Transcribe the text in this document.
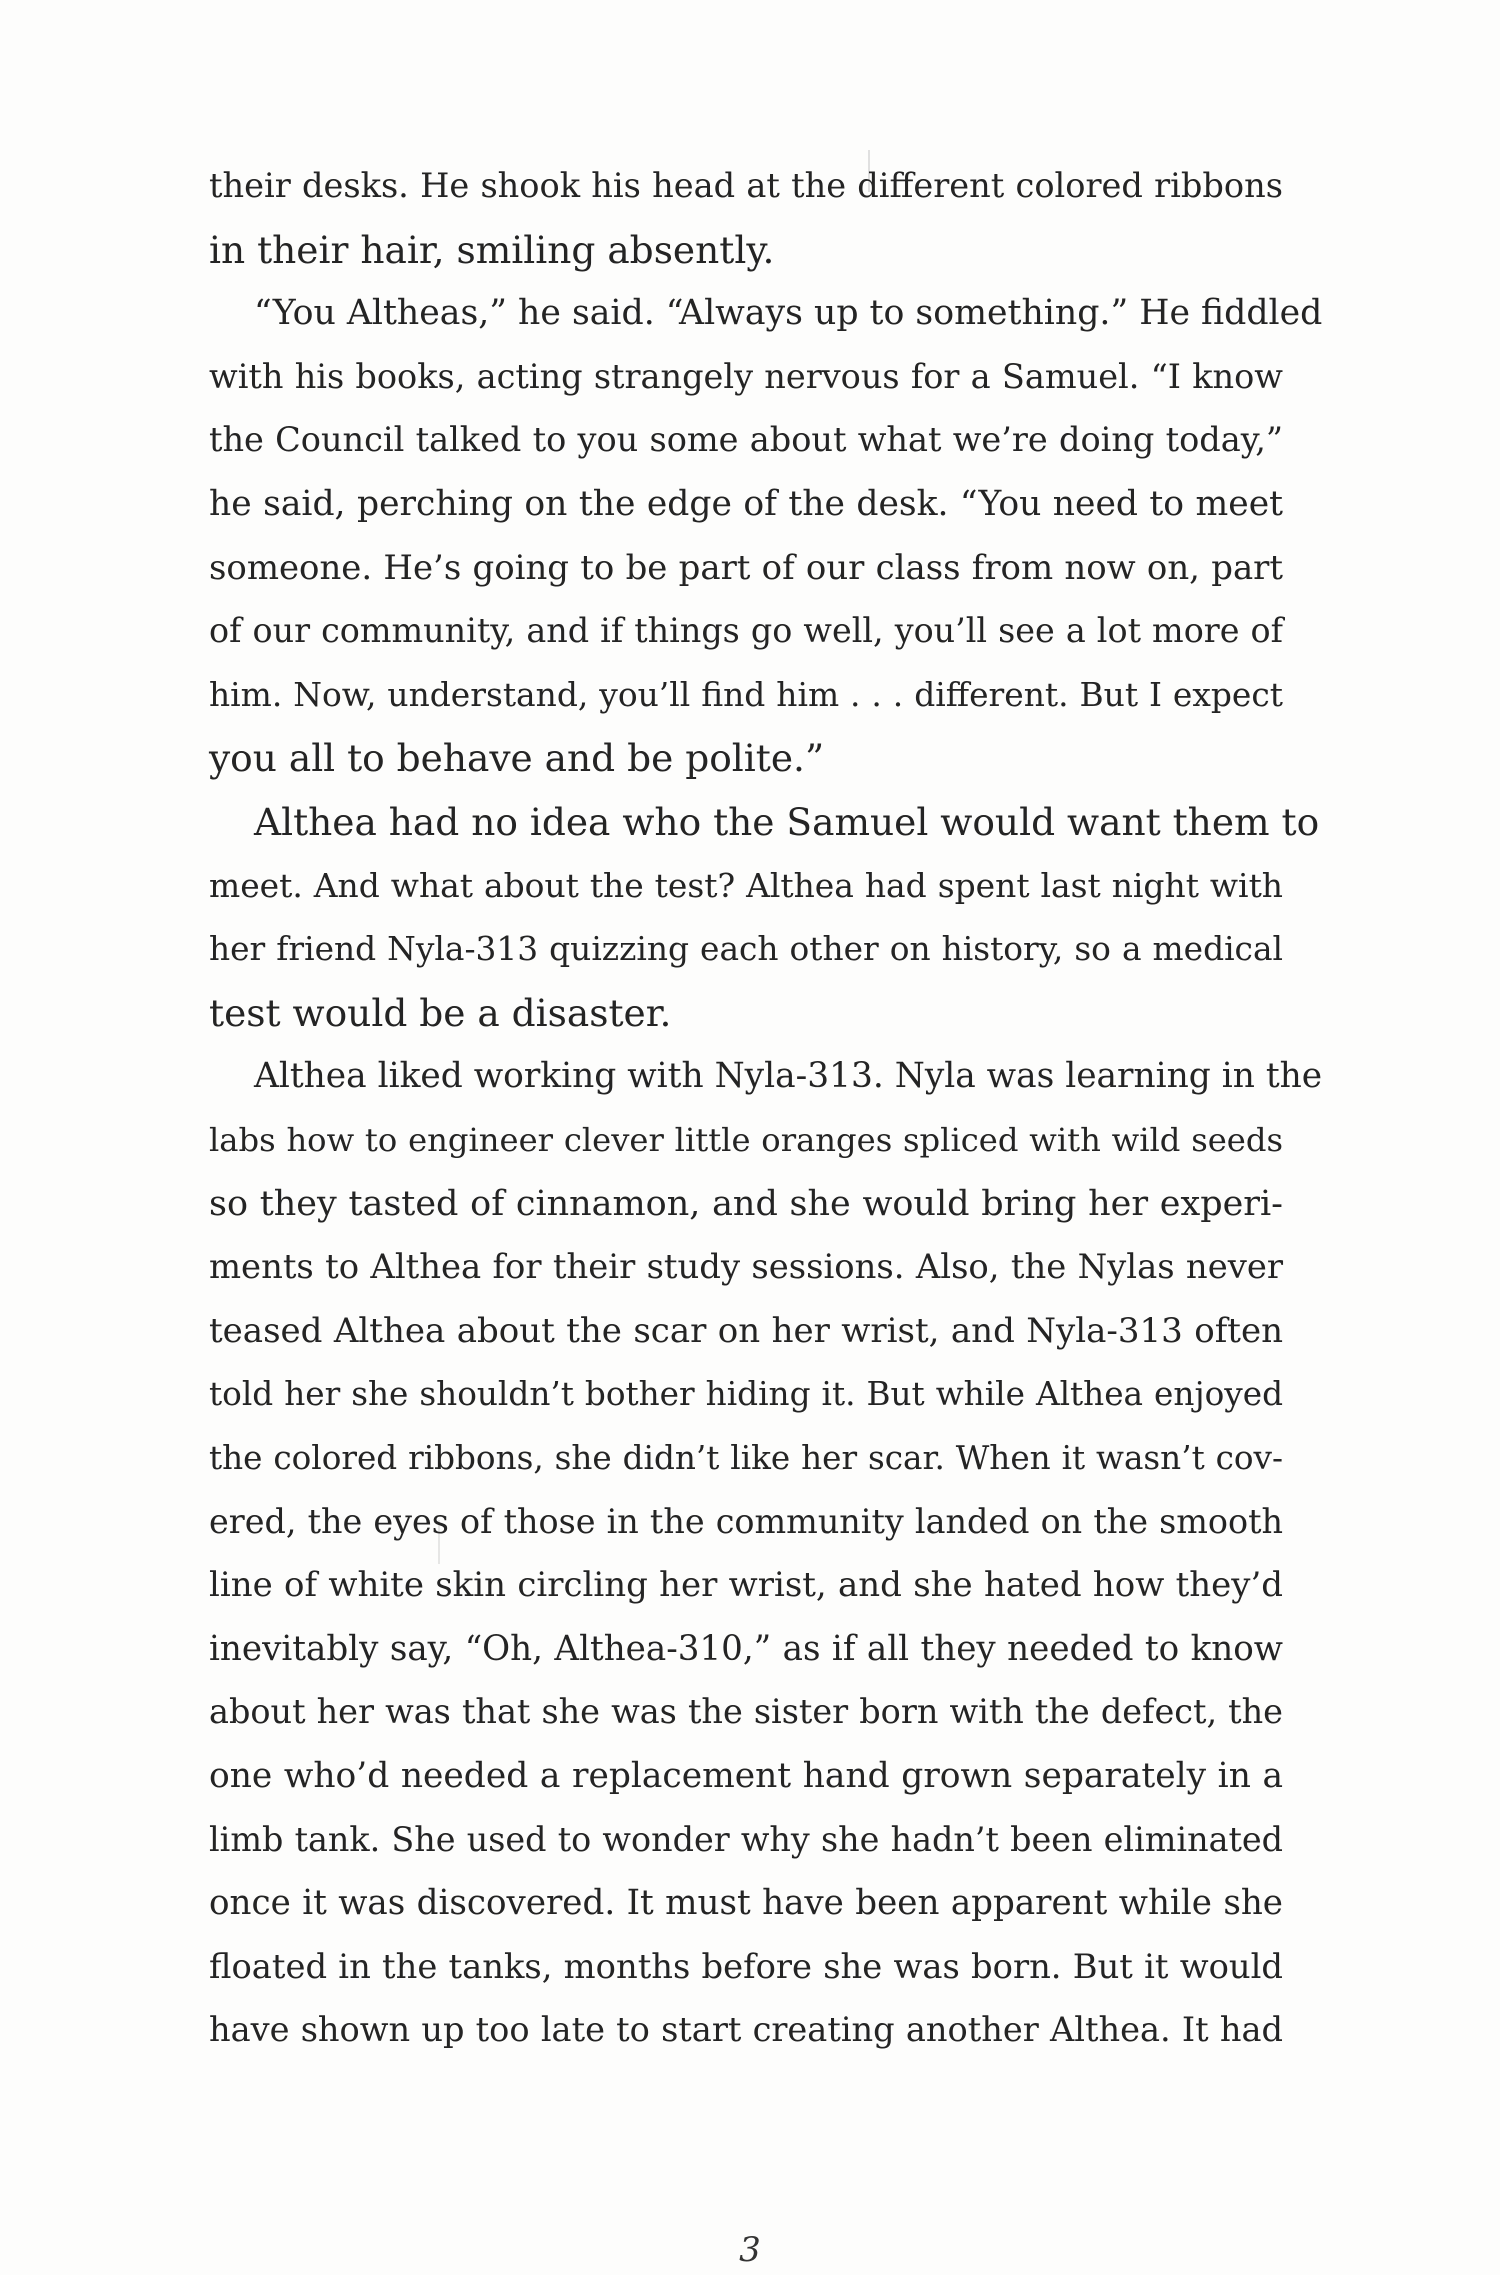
their desks. He shook his head at the different colored ribbons
in their hair, smiling absently.
“You Altheas,” he said. “Always up to something.” He fiddled
with his books, acting strangely nervous for a Samuel. “I know
the Council talked to you some about what we’re doing today,”
he said, perching on the edge of the desk. “You need to meet
someone. He’s going to be part of our class from now on, part
of our community, and if things go well, you’ll see a lot more of
him. Now, understand, you’ll find him . . . different. But I expect
you all to behave and be polite.”
Althea had no idea who the Samuel would want them to
meet. And what about the test? Althea had spent last night with
her friend Nyla-313 quizzing each other on history, so a medical
test would be a disaster.
Althea liked working with Nyla-313. Nyla was learning in the
labs how to engineer clever little oranges spliced with wild seeds
so they tasted of cinnamon, and she would bring her experi-
ments to Althea for their study sessions. Also, the Nylas never
teased Althea about the scar on her wrist, and Nyla-313 often
told her she shouldn’t bother hiding it. But while Althea enjoyed
the colored ribbons, she didn’t like her scar. When it wasn’t cov-
ered, the eyes of those in the community landed on the smooth
line of white skin circling her wrist, and she hated how they’d
inevitably say, “Oh, Althea-310,” as if all they needed to know
about her was that she was the sister born with the defect, the
one who’d needed a replacement hand grown separately in a
limb tank. She used to wonder why she hadn’t been eliminated
once it was discovered. It must have been apparent while she
floated in the tanks, months before she was born. But it would
have shown up too late to start creating another Althea. It had
3
